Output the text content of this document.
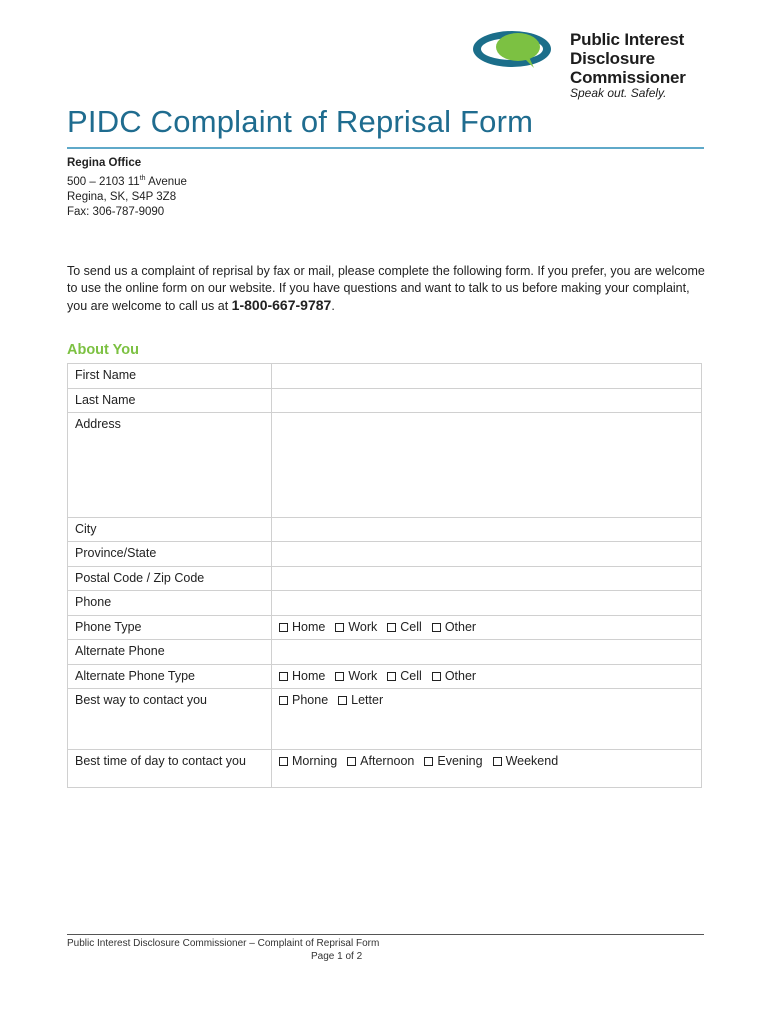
Public Interest
Disclosure
Commissioner
Speak out. Safely.
PIDC Complaint of Reprisal Form
Regina Office
500 – 2103 11th Avenue
Regina, SK, S4P 3Z8
Fax: 306-787-9090
To send us a complaint of reprisal by fax or mail, please complete the following form. If you prefer, you are welcome to use the online form on our website. If you have questions and want to talk to us before making your complaint, you are welcome to call us at 1-800-667-9787.
About You
First Name	
Last Name	
Address	
City	
Province/State	
Postal Code / Zip Code	
Phone	
Phone Type	Home Work Cell Other
Alternate Phone	
Alternate Phone Type	Home Work Cell Other
Best way to contact you	Phone Letter
Best time of day to contact you	Morning Afternoon Evening Weekend
Public Interest Disclosure Commissioner – Complaint of Reprisal Form
Page 1 of 2
